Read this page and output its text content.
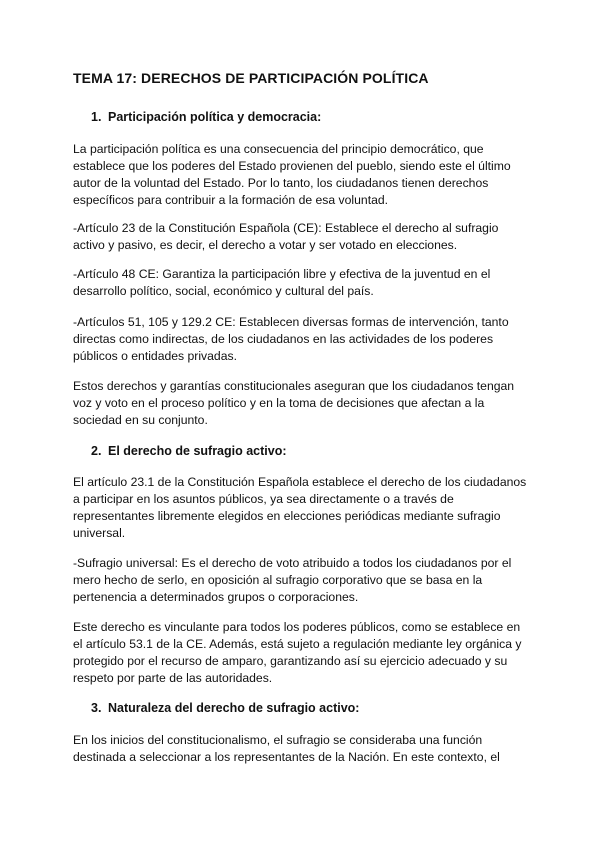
TEMA 17: DERECHOS DE PARTICIPACIÓN POLÍTICA
1. Participación política y democracia:
La participación política es una consecuencia del principio democrático, que
establece que los poderes del Estado provienen del pueblo, siendo este el último
autor de la voluntad del Estado. Por lo tanto, los ciudadanos tienen derechos
específicos para contribuir a la formación de esa voluntad.
-Artículo 23 de la Constitución Española (CE): Establece el derecho al sufragio
activo y pasivo, es decir, el derecho a votar y ser votado en elecciones.
-Artículo 48 CE: Garantiza la participación libre y efectiva de la juventud en el
desarrollo político, social, económico y cultural del país.
-Artículos 51, 105 y 129.2 CE: Establecen diversas formas de intervención, tanto
directas como indirectas, de los ciudadanos en las actividades de los poderes
públicos o entidades privadas.
Estos derechos y garantías constitucionales aseguran que los ciudadanos tengan
voz y voto en el proceso político y en la toma de decisiones que afectan a la
sociedad en su conjunto.
2. El derecho de sufragio activo:
El artículo 23.1 de la Constitución Española establece el derecho de los ciudadanos
a participar en los asuntos públicos, ya sea directamente o a través de
representantes libremente elegidos en elecciones periódicas mediante sufragio
universal.
-Sufragio universal: Es el derecho de voto atribuido a todos los ciudadanos por el
mero hecho de serlo, en oposición al sufragio corporativo que se basa en la
pertenencia a determinados grupos o corporaciones.
Este derecho es vinculante para todos los poderes públicos, como se establece en
el artículo 53.1 de la CE. Además, está sujeto a regulación mediante ley orgánica y
protegido por el recurso de amparo, garantizando así su ejercicio adecuado y su
respeto por parte de las autoridades.
3. Naturaleza del derecho de sufragio activo:
En los inicios del constitucionalismo, el sufragio se consideraba una función
destinada a seleccionar a los representantes de la Nación. En este contexto, el
